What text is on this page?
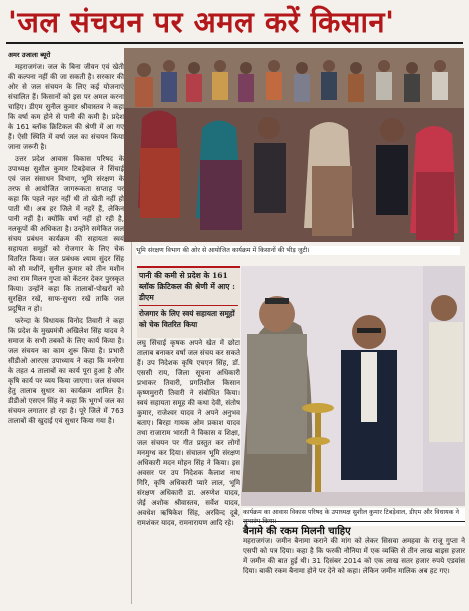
'जल संचयन पर अमल करें किसान'
अमर उजाला ब्यूरो

महराजगंज। जल के बिना जीवन एवं खेती की कल्पना नहीं की जा सकती है। सरकार की ओर से जल संचयन के लिए कई योजनाएं संचालित हैं। किसानों को इस पर अमल करना चाहिए। डीएम सुनील कुमार श्रीवास्तव ने कहा कि वर्षा कम होने से पानी की कमी है। प्रदेश के 161 ब्लॉक क्रिटिकल की श्रेणी में आ गए हैं। ऐसी स्थिति में वर्षा जल का संचयन किया जाना जरूरी है।

उत्तर प्रदेश आवास विकास परिषद के उपाध्यक्ष सुशील कुमार टिबड़ेवाल ने सिंचाई एवं जल संसाधन विभाग, भूमि संरक्षण के तरफ से आयोजित जागरूकता सप्ताह पर कहा कि पहले नहर नहीं थी तो खेती नहीं हो पाती थी। अब हर जिले में नहरें हैं, लेकिन पानी नहीं है। क्योंकि वर्षा नहीं हो रही है, नलकूपों की अधिकता है। उन्होंने समेकित जल संचय प्रबंधन कार्यक्रम की सहायता स्वयं सहायता समूहों को रोजगार के लिए चेक वितरित किया। जल प्रबंधक श्याम सुंदर सिंह को सौ मशीनें, सुनील कुमार को तीन मशीन तथा राम मिलन गुप्ता को केंटनर देकर पुरस्कृत किया। उन्होंने कहा कि तालाबों-पोखरों को सुरक्षित रखें, साफ-सुथरा रखें ताकि जल प्रदूषित न हो।

फरेन्दा के विधायक विनोद तिवारी ने कहा कि प्रदेश के मुख्यमंत्री अखिलेश सिंह यादव ने समाज के सभी तबकों के लिए कार्य किया है। जल संचयन का काम शुरू किया है। प्रभारी सीडीओ आरएस उपाध्याय ने कहा कि मनरेगा के तहत 4 तालाबों का कार्य पूरा हुआ है और कृषि कार्य पर व्यय किया जाएगा। जल संचयन हेतु तालाब सुधार का कार्यक्रम शामिल है। डीडीओ एसएन सिंह ने कहा कि भूगर्भ जल का संचयन लगातार हो रहा है। पूरे जिले में 763 तालाबों की खुदाई एवं सुधार किया गया है।

भूमि संरक्षण विभाग की ओर से आयोजित कार्यक्रम में किसानों की भीड़ जुटी।
पानी की कमी से प्रदेश के 161 ब्लॉक क्रिटिकल की श्रेणी में आए : डीएम
रोजगार के लिए स्वयं सहायता समूहों को चेक वितरित किया

लघु सिंचाई कृषक अपने खेत में छोटा तालाब बनाकर वर्षा जल संचय कर सकते हैं। उप निदेशक कृषि एचएन सिंह, डॉ. एससी राय, जिला सूचना अधिकारी प्रभाकर तिवारी, प्रगतिशील किसान कृष्णमुरारी तिवारी ने संबोधित किया। स्वयं सहायता समूह की कथा देवी, संतोष कुमार, राजेश्वर यादव ने अपने अनुभव बताए। बिरहा गायक ओम प्रकाश यादव तथा राजाराम भारती ने विकास व शिक्षा, जल संचयन पर गीत प्रस्तुत कर लोगों मनमुग्ध कर दिया। संचालन भूमि संरक्षण अधिकारी मदन मोहन सिंह ने किया। इस अवसर पर उप निदेशक कैलाश नाथ गिरि, कृषि अधिकारी प्यारे लाल, भूमि संरक्षण अधिकारी डा. अरुणेश यादव, जेई अशोक श्रीवास्तव, सर्वेश यादव, अवधेश ऋषिकेश सिंह, अरविन्द दूबे, रामशंकर यादव, रामनारायण आदि रहे।

कार्यक्रम का आवास विकास परिषद के उपाध्यक्ष सुशील कुमार टिबड़ेवाल, डीएम और विधायक ने शुभारंभ किया।
बैनामे की रकम मिलनी चाहिए

महराजगंज। जमीन बैनामा कराने की मांग को लेकर सिसवा अमहवा के राजू गुप्ता ने एसपी को पत्र दिया। कहा है कि फरकी नौनिया में एक व्यक्ति से तीन लाख बाइस हजार में जमीन की बात हुई थी। 31 दिसंबर 2014 को एक लाख सतर हजार रुपये एडवांस दिया। बाकी रकम बैनामा होने पर देने को कहा। लेकिन जमीन मालिक अब हट गए।
